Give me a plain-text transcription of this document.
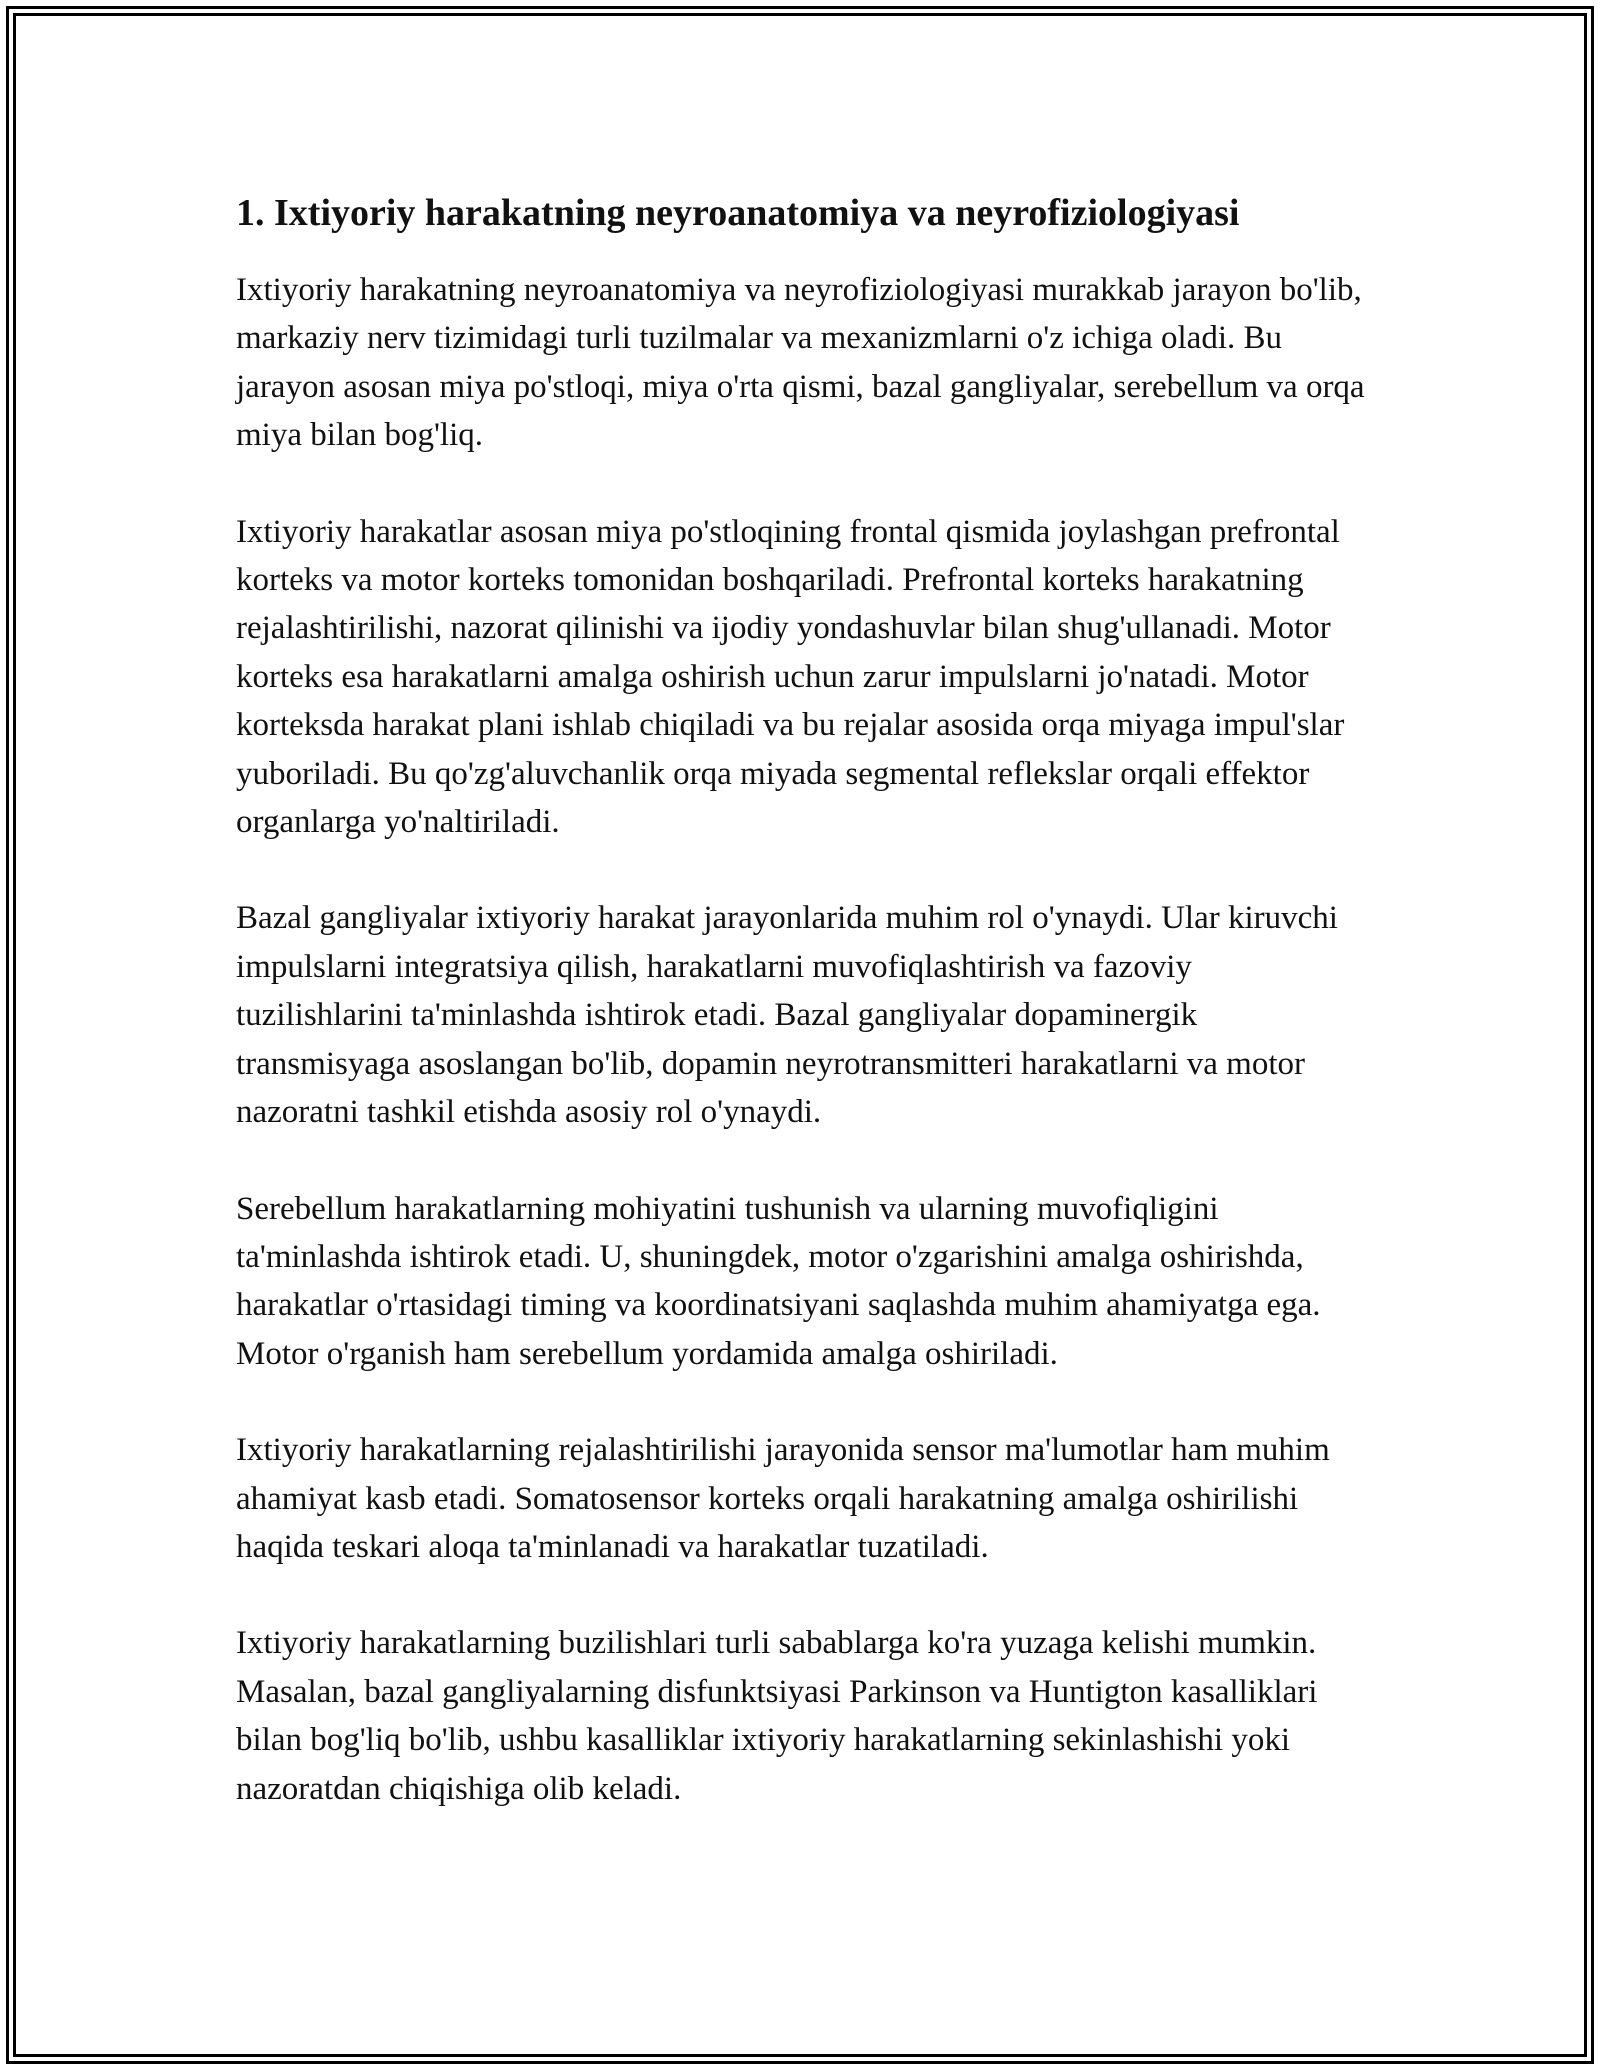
1. Ixtiyoriy harakatning neyroanatomiya va neyrofiziologiyasi

Ixtiyoriy harakatning neyroanatomiya va neyrofiziologiyasi murakkab jarayon bo'lib, markaziy nerv tizimidagi turli tuzilmalar va mexanizmlarni o'z ichiga oladi. Bu jarayon asosan miya po'stloqi, miya o'rta qismi, bazal gangliyalar, serebellum va orqa miya bilan bog'liq.

Ixtiyoriy harakatlar asosan miya po'stloqining frontal qismida joylashgan prefrontal korteks va motor korteks tomonidan boshqariladi. Prefrontal korteks harakatning rejalashtirilishi, nazorat qilinishi va ijodiy yondashuvlar bilan shug'ullanadi. Motor korteks esa harakatlarni amalga oshirish uchun zarur impulslarni jo'natadi. Motor korteksda harakat plani ishlab chiqiladi va bu rejalar asosida orqa miyaga impul'slar yuboriladi. Bu qo'zg'aluvchanlik orqa miyada segmental reflekslar orqali effektor organlarga yo'naltiriladi.

Bazal gangliyalar ixtiyoriy harakat jarayonlarida muhim rol o'ynaydi. Ular kiruvchi impulslarni integratsiya qilish, harakatlarni muvofiqlashtirish va fazoviy tuzilishlarini ta'minlashda ishtirok etadi. Bazal gangliyalar dopaminergik transmisyaga asoslangan bo'lib, dopamin neyrotransmitteri harakatlarni va motor nazoratni tashkil etishda asosiy rol o'ynaydi.

Serebellum harakatlarning mohiyatini tushunish va ularning muvofiqligini ta'minlashda ishtirok etadi. U, shuningdek, motor o'zgarishini amalga oshirishda, harakatlar o'rtasidagi timing va koordinatsiyani saqlashda muhim ahamiyatga ega. Motor o'rganish ham serebellum yordamida amalga oshiriladi.

Ixtiyoriy harakatlarning rejalashtirilishi jarayonida sensor ma'lumotlar ham muhim ahamiyat kasb etadi. Somatosensor korteks orqali harakatning amalga oshirilishi haqida teskari aloqa ta'minlanadi va harakatlar tuzatiladi.

Ixtiyoriy harakatlarning buzilishlari turli sabablarga ko'ra yuzaga kelishi mumkin. Masalan, bazal gangliyalarning disfunktsiyasi Parkinson va Huntigton kasalliklari bilan bog'liq bo'lib, ushbu kasalliklar ixtiyoriy harakatlarning sekinlashishi yoki nazoratdan chiqishiga olib keladi.
